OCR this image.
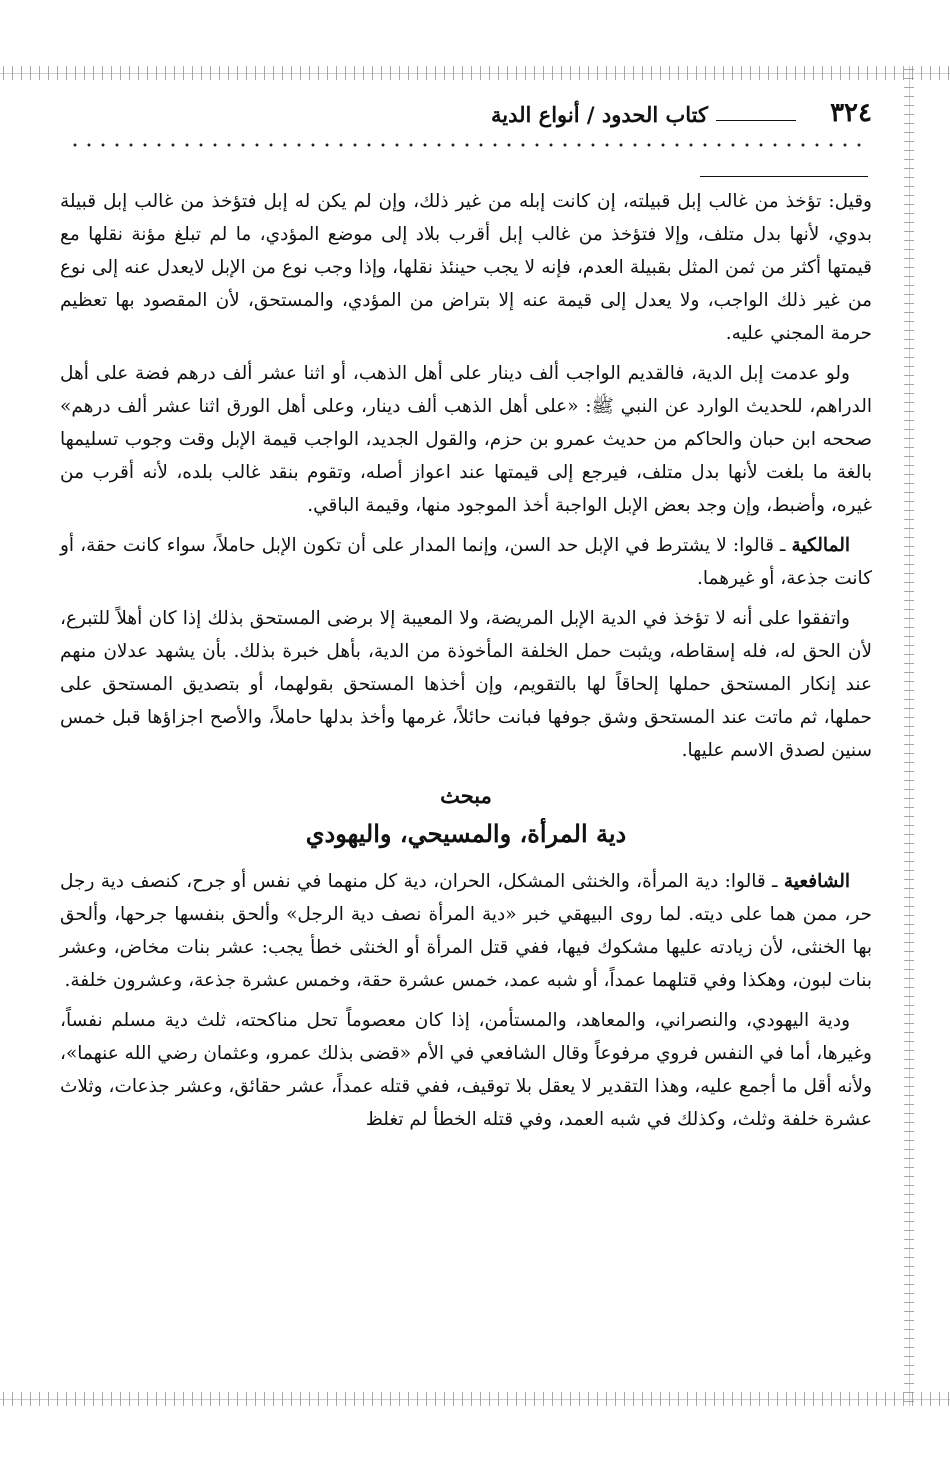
٣٢٤
كتاب الحدود / أنواع الدية

وقيل: تؤخذ من غالب إبل قبيلته، إن كانت إبله من غير ذلك، وإن لم يكن له إبل فتؤخذ من غالب إبل قبيلة بدوي، لأنها بدل متلف، وإلا فتؤخذ من غالب إبل أقرب بلاد إلى موضع المؤدي، ما لم تبلغ مؤنة نقلها مع قيمتها أكثر من ثمن المثل بقبيلة العدم، فإنه لا يجب حينئذ نقلها، وإذا وجب نوع من الإبل لايعدل عنه إلى نوع من غير ذلك الواجب، ولا يعدل إلى قيمة عنه إلا بتراض من المؤدي، والمستحق، لأن المقصود بها تعظيم حرمة المجني عليه.

ولو عدمت إبل الدية، فالقديم الواجب ألف دينار على أهل الذهب، أو اثنا عشر ألف درهم فضة على أهل الدراهم، للحديث الوارد عن النبي ﷺ: «على أهل الذهب ألف دينار، وعلى أهل الورق اثنا عشر ألف درهم» صححه ابن حبان والحاكم من حديث عمرو بن حزم، والقول الجديد، الواجب قيمة الإبل وقت وجوب تسليمها بالغة ما بلغت لأنها بدل متلف، فيرجع إلى قيمتها عند اعواز أصله، وتقوم بنقد غالب بلده، لأنه أقرب من غيره، وأضبط، وإن وجد بعض الإبل الواجبة أخذ الموجود منها، وقيمة الباقي.

المالكية ـ قالوا: لا يشترط في الإبل حد السن، وإنما المدار على أن تكون الإبل حاملاً، سواء كانت حقة، أو كانت جذعة، أو غيرهما.

واتفقوا على أنه لا تؤخذ في الدية الإبل المريضة، ولا المعيبة إلا برضى المستحق بذلك إذا كان أهلاً للتبرع، لأن الحق له، فله إسقاطه، ويثبت حمل الخلفة المأخوذة من الدية، بأهل خبرة بذلك. بأن يشهد عدلان منهم عند إنكار المستحق حملها إلحاقاً لها بالتقويم، وإن أخذها المستحق بقولهما، أو بتصديق المستحق على حملها، ثم ماتت عند المستحق وشق جوفها فبانت حائلاً، غرمها وأخذ بدلها حاملاً، والأصح اجزاؤها قبل خمس سنين لصدق الاسم عليها.

مبحث
دية المرأة، والمسيحي، واليهودي

الشافعية ـ قالوا: دية المرأة، والخنثى المشكل، الحران، دية كل منهما في نفس أو جرح، كنصف دية رجل حر، ممن هما على ديته. لما روى البيهقي خبر «دية المرأة نصف دية الرجل» وألحق بنفسها جرحها، وألحق بها الخنثى، لأن زيادته عليها مشكوك فيها، ففي قتل المرأة أو الخنثى خطأ يجب: عشر بنات مخاض، وعشر بنات لبون، وهكذا وفي قتلهما عمداً، أو شبه عمد، خمس عشرة حقة، وخمس عشرة جذعة، وعشرون خلفة.

ودية اليهودي، والنصراني، والمعاهد، والمستأمن، إذا كان معصوماً تحل مناكحته، ثلث دية مسلم نفساً، وغيرها، أما في النفس فروي مرفوعاً وقال الشافعي في الأم «قضى بذلك عمرو، وعثمان رضي الله عنهما»، ولأنه أقل ما أجمع عليه، وهذا التقدير لا يعقل بلا توقيف، ففي قتله عمداً، عشر حقائق، وعشر جذعات، وثلاث عشرة خلفة وثلث، وكذلك في شبه العمد، وفي قتله الخطأ لم تغلظ
